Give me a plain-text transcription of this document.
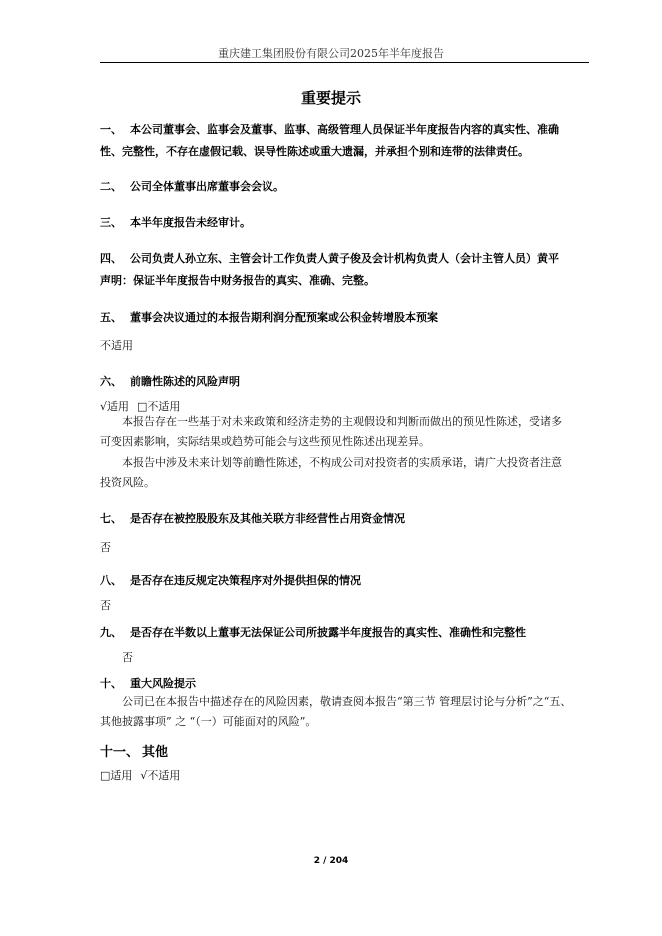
重庆建工集团股份有限公司2025年半年度报告
重要提示
一、 本公司董事会、监事会及董事、监事、高级管理人员保证半年度报告内容的真实性、准确
性、完整性，不存在虚假记载、误导性陈述或重大遗漏，并承担个别和连带的法律责任。
二、 公司全体董事出席董事会会议。
三、 本半年度报告未经审计。
四、 公司负责人孙立东、主管会计工作负责人黄子俊及会计机构负责人（会计主管人员）黄平
声明：保证半年度报告中财务报告的真实、准确、完整。
五、 董事会决议通过的本报告期利润分配预案或公积金转增股本预案
不适用
六、 前瞻性陈述的风险声明
√适用 □不适用
本报告存在一些基于对未来政策和经济走势的主观假设和判断而做出的预见性陈述，受诸多
可变因素影响，实际结果或趋势可能会与这些预见性陈述出现差异。
本报告中涉及未来计划等前瞻性陈述，不构成公司对投资者的实质承诺，请广大投资者注意
投资风险。
七、 是否存在被控股股东及其他关联方非经营性占用资金情况
否
八、 是否存在违反规定决策程序对外提供担保的情况
否
九、 是否存在半数以上董事无法保证公司所披露半年度报告的真实性、准确性和完整性
否
十、 重大风险提示
公司已在本报告中描述存在的风险因素，敬请查阅本报告“第三节 管理层讨论与分析”之“五、
其他披露事项” 之 “（一）可能面对的风险”。
十一、 其他
□适用 √不适用
2 / 204
